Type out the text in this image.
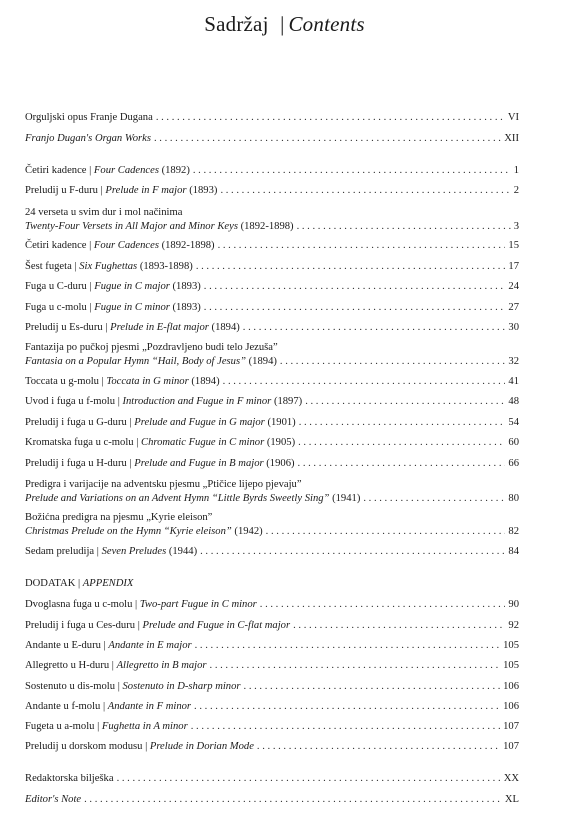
Sadržaj | Contents
Orguljski opus Franje Dugana . . .	VI
Franjo Dugan's Organ Works . . .	XII
Četiri kadence | Four Cadences (1892) . . .	1
Preludij u F-duru | Prelude in F major (1893) . . .	2
24 verseta u svim dur i mol načinima
Twenty-Four Versets in All Major and Minor Keys (1892-1898) . . .	3
Četiri kadence | Four Cadences (1892-1898) . . .	15
Šest fugeta | Six Fughettas (1893-1898) . . .	17
Fuga u C-duru | Fugue in C major (1893) . . .	24
Fuga u c-molu | Fugue in C minor (1893) . . .	27
Preludij u Es-duru | Prelude in E-flat major (1894) . . .	30
Fantazija po pučkoj pjesmi „Pozdravljeno budi telo Jezuša”
Fantasia on a Popular Hymn “Hail, Body of Jesus” (1894) . . .	32
Toccata u g-molu | Toccata in G minor (1894) . . .	41
Uvod i fuga u f-molu | Introduction and Fugue in F minor (1897) . . .	48
Preludij i fuga u G-duru | Prelude and Fugue in G major (1901) . . .	54
Kromatska fuga u c-molu | Chromatic Fugue in C minor (1905) . . .	60
Preludij i fuga u H-duru | Prelude and Fugue in B major (1906) . . .	66
Predigra i varijacije na adventsku pjesmu „Ptičice lijepo pjevaju”
Prelude and Variations on an Advent Hymn “Little Byrds Sweetly Sing” (1941) . . .	80
Božićna predigra na pjesmu „Kyrie eleison”
Christmas Prelude on the Hymn “Kyrie eleison” (1942) . . .	82
Sedam preludija | Seven Preludes (1944) . . .	84
DODATAK | APPENDIX
Dvoglasna fuga u c-molu | Two-part Fugue in C minor . . .	90
Preludij i fuga u Ces-duru | Prelude and Fugue in C-flat major . . .	92
Andante u E-duru | Andante in E major . . .	105
Allegretto u H-duru | Allegretto in B major . . .	105
Sostenuto u dis-molu | Sostenuto in D-sharp minor . . .	106
Andante u f-molu | Andante in F minor . . .	106
Fugeta u a-molu | Fughetta in A minor . . .	107
Preludij u dorskom modusu | Prelude in Dorian Mode . . .	107
Redaktorska bilješka . . .	XX
Editor's Note . . .	XL
